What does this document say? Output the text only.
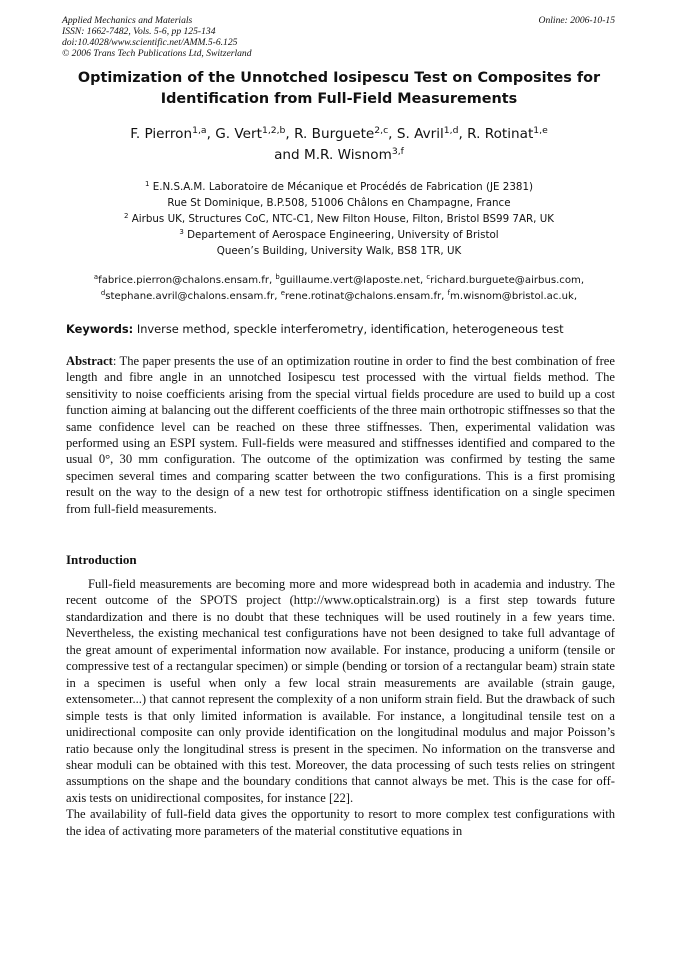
Applied Mechanics and Materials
ISSN: 1662-7482, Vols. 5-6, pp 125-134
doi:10.4028/www.scientific.net/AMM.5-6.125
© 2006 Trans Tech Publications Ltd, Switzerland
Online: 2006-10-15
Optimization of the Unnotched Iosipescu Test on Composites for
Identification from Full-Field Measurements
F. Pierron$^{1,a}$, G. Vert$^{1,2,b}$, R. Burguete$^{2,c}$, S. Avril$^{1,d}$, R. Rotinat$^{1,e}$
and M.R. Wisnom$^{3,f}$
$^1$ E.N.S.A.M. Laboratoire de Mécanique et Procédés de Fabrication (JE 2381)
Rue St Dominique, B.P.508, 51006 Châlons en Champagne, France
$^2$ Airbus UK, Structures CoC, NTC-C1, New Filton House, Filton, Bristol BS99 7AR, UK
$^3$ Departement of Aerospace Engineering, University of Bristol
Queen’s Building, University Walk, BS8 1TR, UK
$^a$fabrice.pierron@chalons.ensam.fr, $^b$guillaume.vert@laposte.net, $^c$richard.burguete@airbus.com,
$^d$stephane.avril@chalons.ensam.fr, $^e$rene.rotinat@chalons.ensam.fr, $^f$m.wisnom@bristol.ac.uk,
Keywords: Inverse method, speckle interferometry, identification, heterogeneous test
Abstract: The paper presents the use of an optimization routine in order to find the best combination of free length and fibre angle in an unnotched Iosipescu test processed with the virtual fields method. The sensitivity to noise coefficients arising from the special virtual fields procedure are used to build up a cost function aiming at balancing out the different coefficients of the three main orthotropic stiffnesses so that the same confidence level can be reached on these three stiffnesses. Then, experimental validation was performed using an ESPI system. Full-fields were measured and stiffnesses identified and compared to the usual 0°, 30 mm configuration. The outcome of the optimization was confirmed by testing the same specimen several times and comparing scatter between the two configurations. This is a first promising result on the way to the design of a new test for orthotropic stiffness identification on a single specimen from full-field measurements.
Introduction

Full-field measurements are becoming more and more widespread both in academia and industry. The recent outcome of the SPOTS project (http://www.opticalstrain.org) is a first step towards future standardization and there is no doubt that these techniques will be used routinely in a few years time. Nevertheless, the existing mechanical test configurations have not been designed to take full advantage of the great amount of experimental information now available. For instance, producing a uniform (tensile or compressive test of a rectangular specimen) or simple (bending or torsion of a rectangular beam) strain state in a specimen is useful when only a few local strain measurements are available (strain gauge, extensometer...) that cannot represent the complexity of a non uniform strain field. But the drawback of such simple tests is that only limited information is available. For instance, a longitudinal tensile test on a unidirectional composite can only provide identification on the longitudinal modulus and major Poisson’s ratio because only the longitudinal stress is present in the specimen. No information on the transverse and shear moduli can be obtained with this test. Moreover, the data processing of such tests relies on stringent assumptions on the shape and the boundary conditions that cannot always be met. This is the case for off-axis tests on unidirectional composites, for instance [22].

The availability of full-field data gives the opportunity to resort to more complex test configurations with the idea of activating more parameters of the material constitutive equations in
